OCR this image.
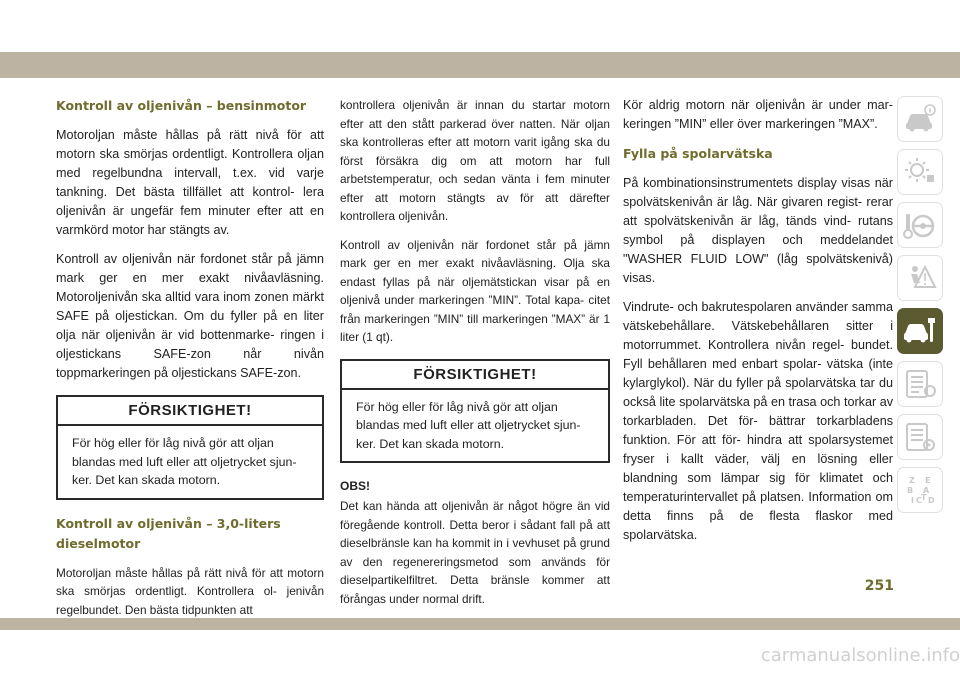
Kontroll av oljenivån – bensinmotor

Motoroljan måste hållas på rätt nivå för att motorn ska smörjas ordentligt. Kontrollera oljan med regelbundna intervall, t.ex. vid varje tankning. Det bästa tillfället att kontrol- lera oljenivån är ungefär fem minuter efter att en varmkörd motor har stängts av.

Kontroll av oljenivån när fordonet står på jämn mark ger en mer exakt nivåavläsning. Motoroljenivån ska alltid vara inom zonen märkt SAFE på oljestickan. Om du fyller på en liter olja när oljenivån är vid bottenmarke- ringen i oljestickans SAFE-zon når nivån toppmarkeringen på oljestickans SAFE-zon.

FÖRSIKTIGHET!
För hög eller för låg nivå gör att oljan blandas med luft eller att oljetrycket sjun- ker. Det kan skada motorn.
Kontroll av oljenivån – 3,0-liters dieselmotor

Motoroljan måste hållas på rätt nivå för att motorn ska smörjas ordentligt. Kontrollera ol- jenivån regelbundet. Den bästa tidpunkten att

kontrollera oljenivån är innan du startar motorn efter att den stått parkerad över natten. När oljan ska kontrolleras efter att motorn varit igång ska du först försäkra dig om att motorn har full arbetstemperatur, och sedan vänta i fem minuter efter att motorn stängts av för att därefter kontrollera oljenivån.

Kontroll av oljenivån när fordonet står på jämn mark ger en mer exakt nivåavläsning. Olja ska endast fyllas på när oljemätstickan visar på en oljenivå under markeringen ”MIN”. Total kapa- citet från markeringen ”MIN” till markeringen ”MAX” är 1 liter (1 qt).

FÖRSIKTIGHET!
För hög eller för låg nivå gör att oljan blandas med luft eller att oljetrycket sjun- ker. Det kan skada motorn.
OBS!

Det kan hända att oljenivån är något högre än vid föregående kontroll. Detta beror i sådant fall på att dieselbränsle kan ha kommit in i vevhuset på grund av den regenereringsmetod som används för dieselpartikelfiltret. Detta bränsle kommer att förångas under normal drift.

Kör aldrig motorn när oljenivån är under mar- keringen ”MIN” eller över markeringen ”MAX”.

Fylla på spolarvätska

På kombinationsinstrumentets display visas när spolvätskenivån är låg. När givaren regist- rerar att spolvätskenivån är låg, tänds vind- rutans symbol på displayen och meddelandet "WASHER FLUID LOW" (låg spolvätskenivå) visas.

Vindrute- och bakrutespolaren använder samma vätskebehållare. Vätskebehållaren sitter i motorrummet. Kontrollera nivån regel- bundet. Fyll behållaren med enbart spolar- vätska (inte kylarglykol). När du fyller på spolarvätska tar du också lite spolarvätska på en trasa och torkar av torkarbladen. Det för- bättrar torkarbladens funktion. För att för- hindra att spolarsystemet fryser i kallt väder, välj en lösning eller blandning som lämpar sig för klimatet och temperaturintervallet på platsen. Information om detta finns på de flesta flaskor med spolarvätska.

Z E
B A
I C T D
251
carmanualsonline.info
